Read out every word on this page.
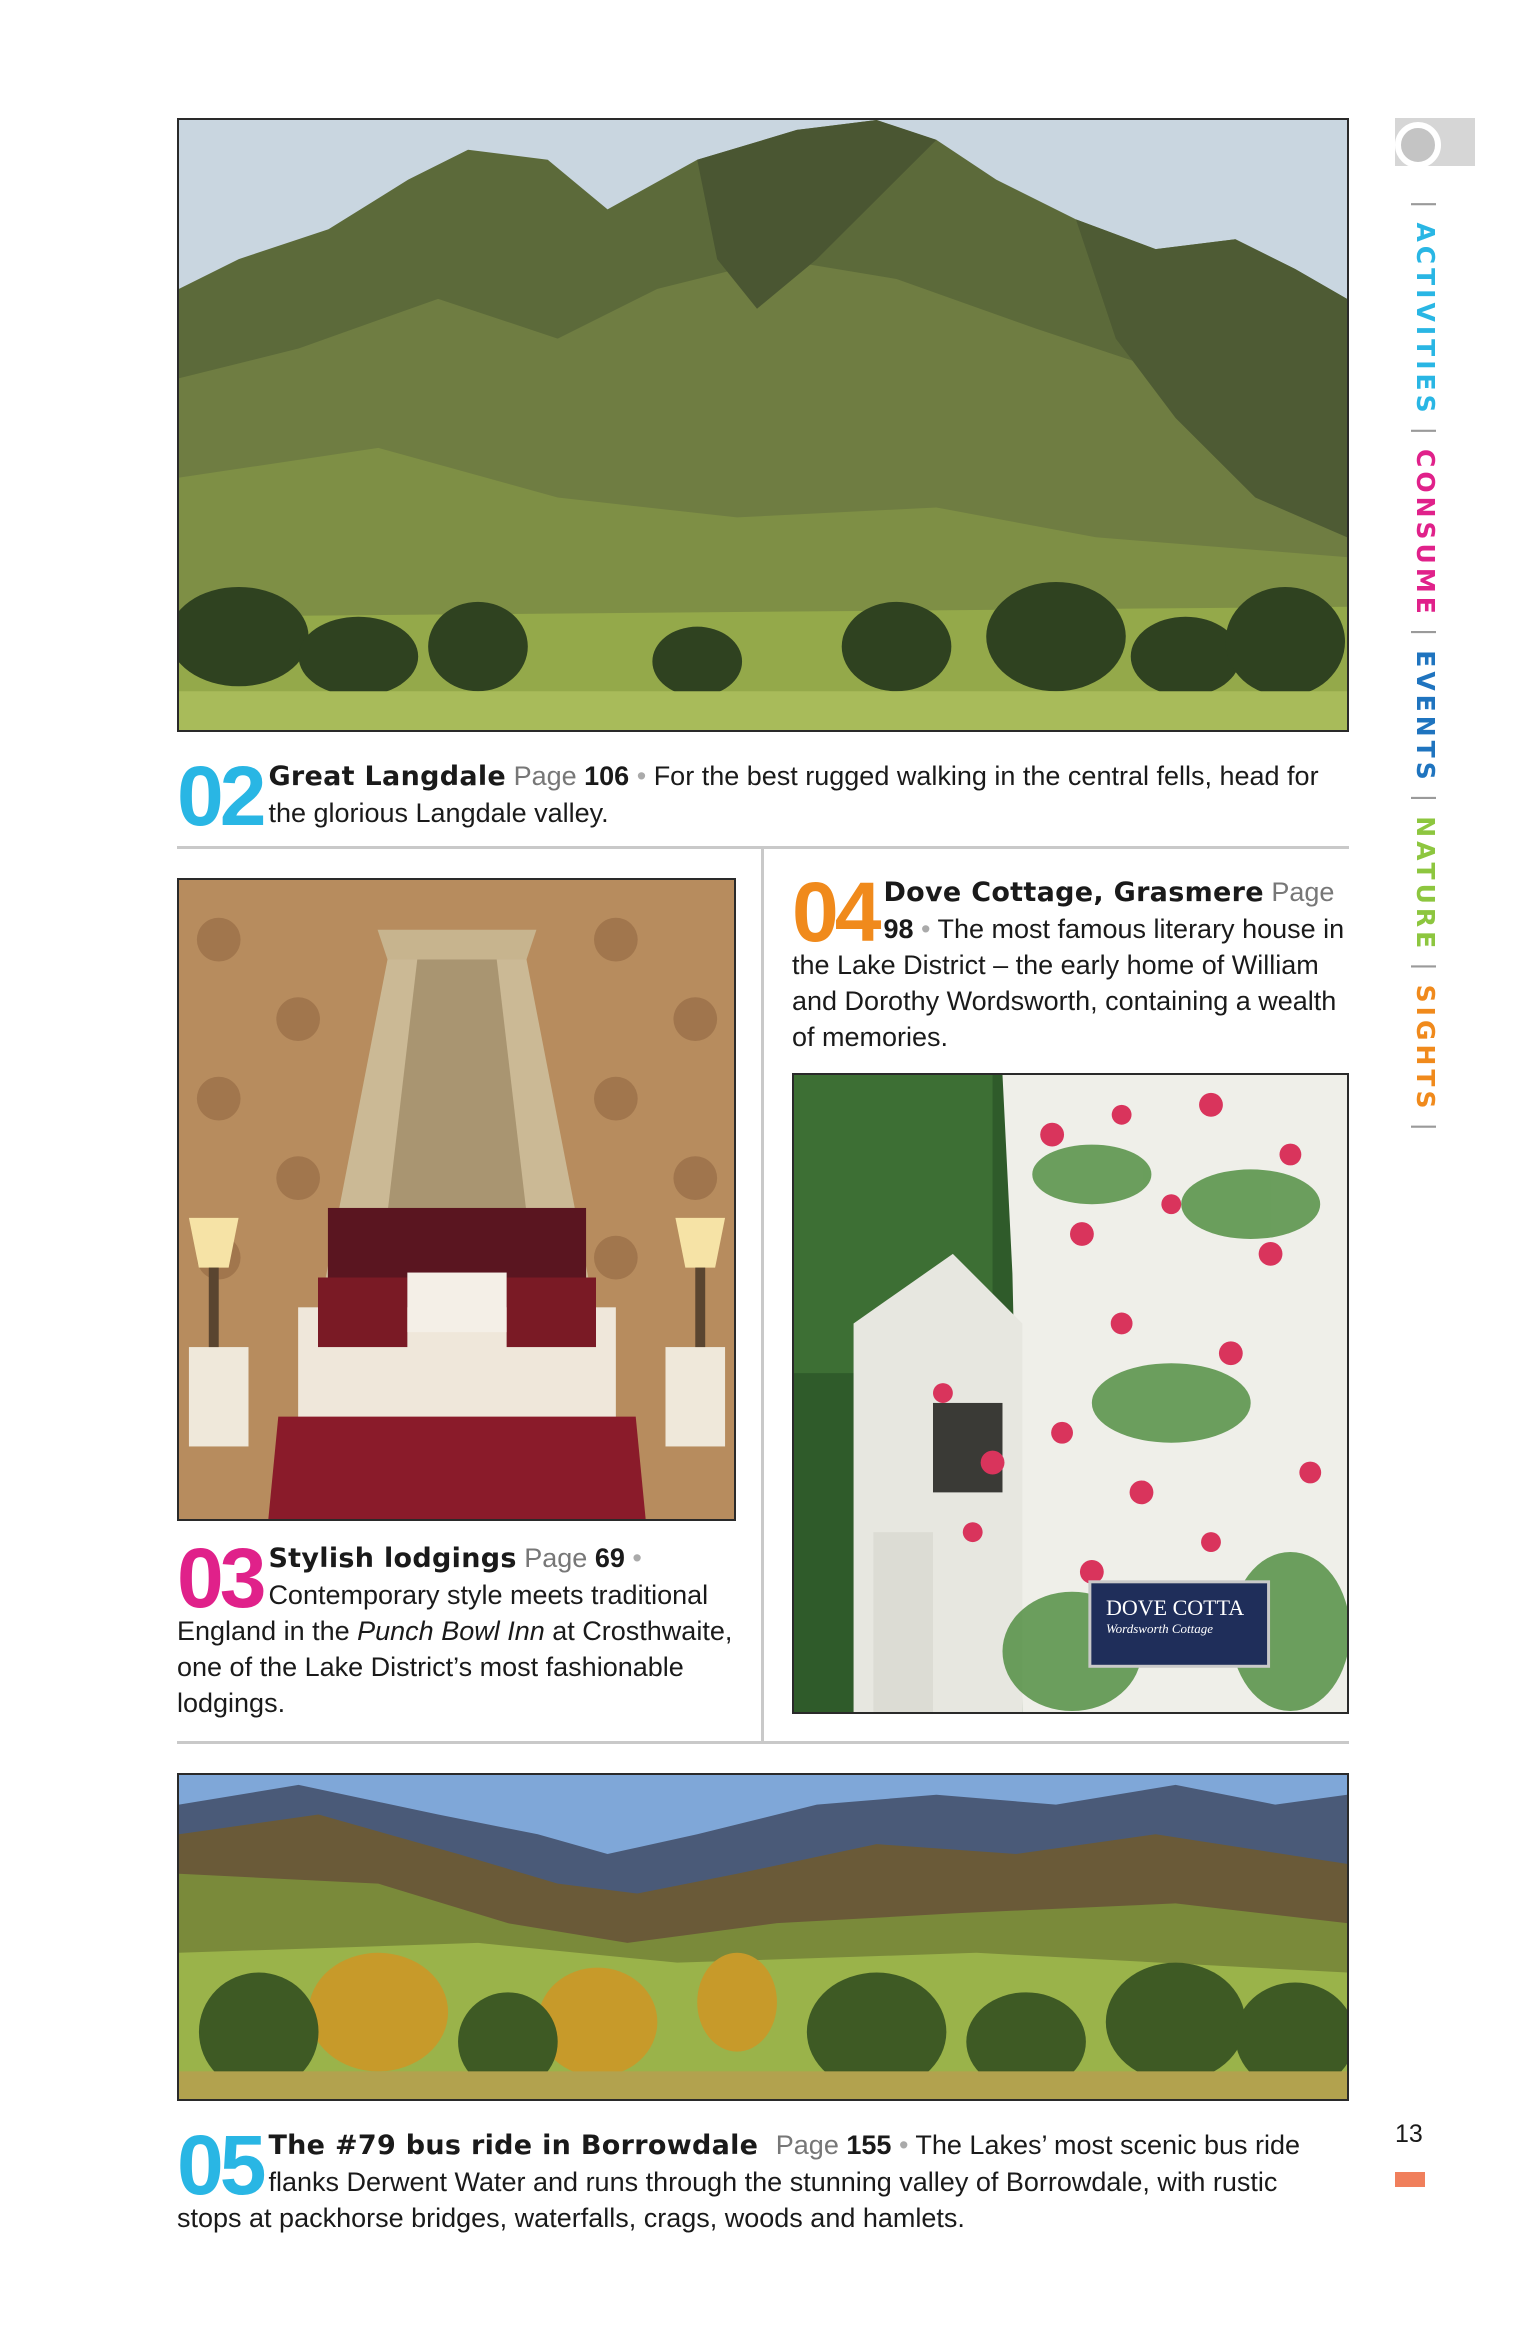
02 Great Langdale Page 106 • For the best rugged walking in the central fells, head for the glorious Langdale valley.
03 Stylish lodgings Page 69 • Contemporary style meets traditional England in the Punch Bowl Inn at Crosthwaite, one of the Lake District’s most fashionable lodgings.
04 Dove Cottage, Grasmere Page 98 • The most famous literary house in the Lake District – the early home of William and Dorothy Wordsworth, containing a wealth of memories.
DOVE COTTA
Wordsworth Cottage
05 The #79 bus ride in Borrowdale Page 155 • The Lakes’ most scenic bus ride flanks Derwent Water and runs through the stunning valley of Borrowdale, with rustic stops at packhorse bridges, waterfalls, crags, woods and hamlets.
|ACTIVITIES|CONSUME|EVENTS|NATURE|SIGHTS|
13
